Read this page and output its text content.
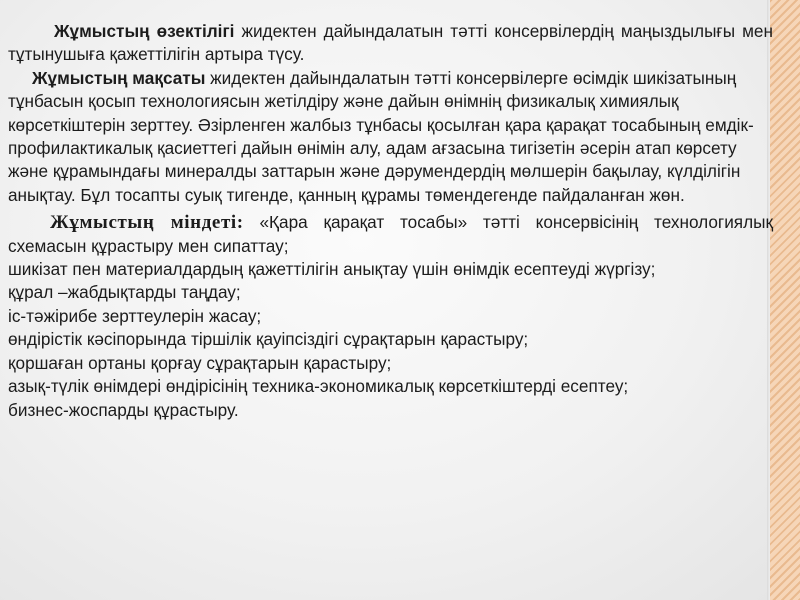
Жұмыстың өзектілігі жидектен дайындалатын тәтті консервілердің маңыздылығы мен тұтынушыға қажеттілігін артыра түсу.

Жұмыстың мақсаты жидектен дайындалатын тәтті консервілерге өсімдік шикізатының тұнбасын қосып технологиясын жетілдіру және дайын өнімнің физикалық химиялық көрсеткіштерін зерттеу. Әзірленген жалбыз тұнбасы қосылған қара қарақат тосабының емдік-профилактикалық қасиеттегі дайын өнімін алу, адам ағзасына тигізетін әсерін атап көрсету және құрамындағы минералды заттарын және дәрумендердің мөлшерін бақылау, күлділігін анықтау. Бұл тосапты суық тигенде, қанның құрамы төмендегенде пайдаланған жөн.

Жұмыстың міндеті: «Қара қарақат тосабы» тәтті консервісінің технологиялық схемасын құрастыру мен сипаттау;

шикізат пен материалдардың қажеттілігін анықтау үшін өнімдік есептеуді жүргізу;
құрал –жабдықтарды таңдау;
іс-тәжірибе зерттеулерін жасау;
өндірістік кәсіпорында тіршілік қауіпсіздігі сұрақтарын қарастыру;
қоршаған ортаны қорғау сұрақтарын қарастыру;
азық-түлік өнімдері өндірісінің техника-экономикалық көрсеткіштерді есептеу;
бизнес-жоспарды құрастыру.
